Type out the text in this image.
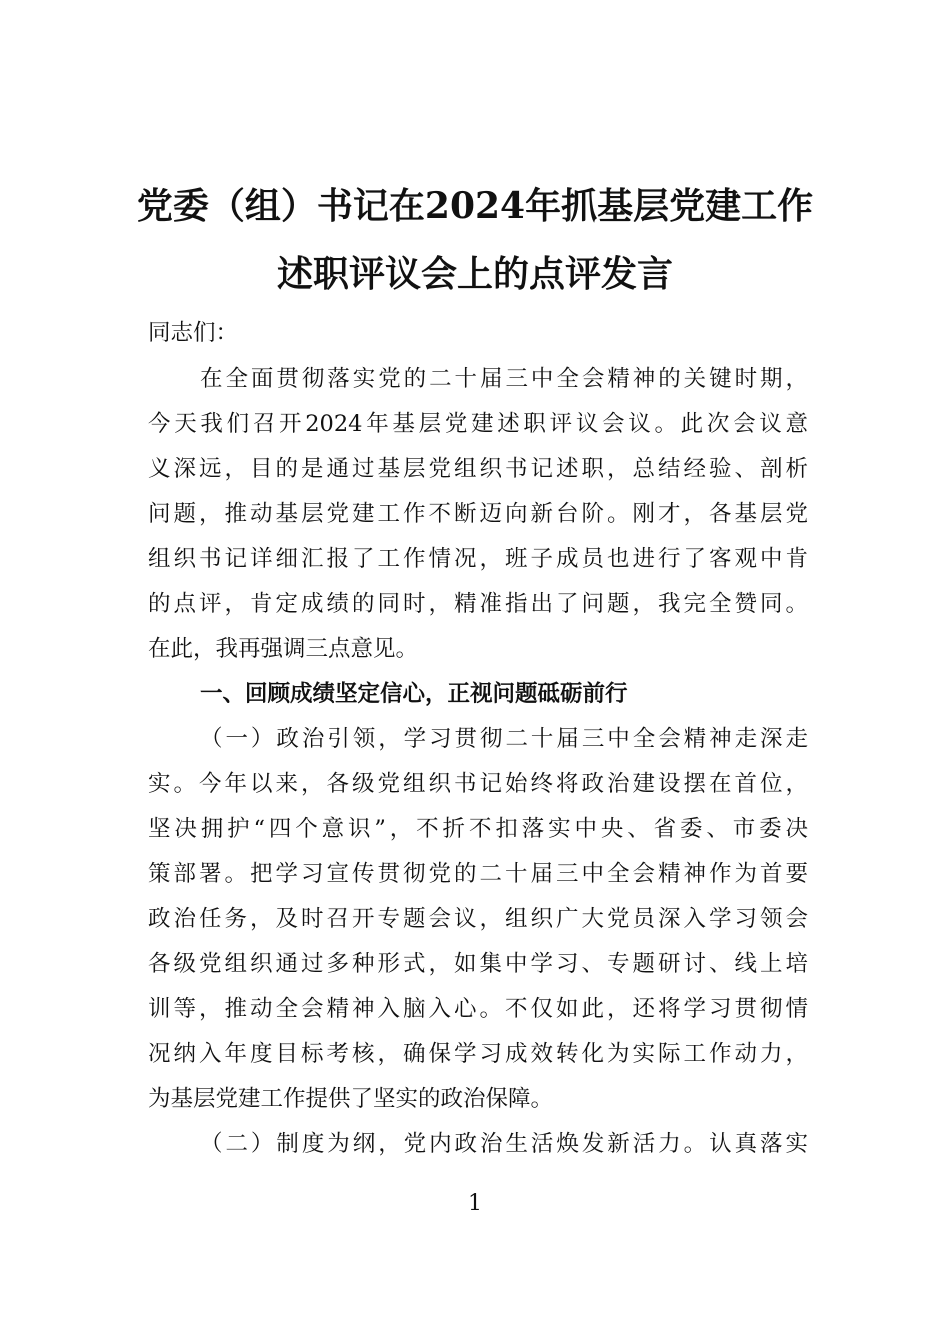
党委（组）书记在2024年抓基层党建工作
述职评议会上的点评发言
同志们：
在全面贯彻落实党的二十届三中全会精神的关键时期，
今天我们召开2024年基层党建述职评议会议。此次会议意
义深远，目的是通过基层党组织书记述职，总结经验、剖析
问题，推动基层党建工作不断迈向新台阶。刚才，各基层党
组织书记详细汇报了工作情况，班子成员也进行了客观中肯
的点评，肯定成绩的同时，精准指出了问题，我完全赞同。
在此，我再强调三点意见。
一、回顾成绩坚定信心，正视问题砥砺前行
（一）政治引领，学习贯彻二十届三中全会精神走深走
实。今年以来，各级党组织书记始终将政治建设摆在首位，
坚决拥护“四个意识”，不折不扣落实中央、省委、市委决
策部署。把学习宣传贯彻党的二十届三中全会精神作为首要
政治任务，及时召开专题会议，组织广大党员深入学习领会
各级党组织通过多种形式，如集中学习、专题研讨、线上培
训等，推动全会精神入脑入心。不仅如此，还将学习贯彻情
况纳入年度目标考核，确保学习成效转化为实际工作动力，
为基层党建工作提供了坚实的政治保障。
（二）制度为纲，党内政治生活焕发新活力。认真落实
1
